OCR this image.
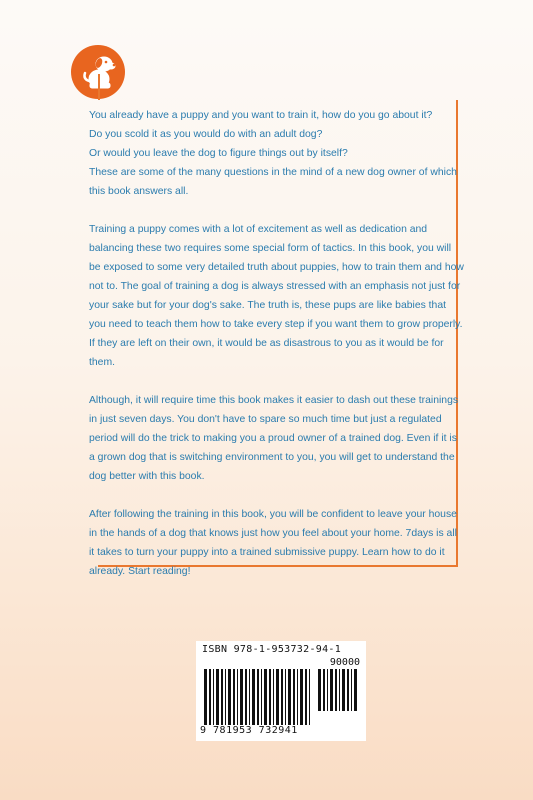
You already have a puppy and you want to train it, how do you go about it?

Do you scold it as you would do with an adult dog?

Or would you leave the dog to figure things out by itself?

These are some of the many questions in the mind of a new dog owner of which this book answers all.

Training a puppy comes with a lot of excitement as well as dedication and balancing these two requires some special form of tactics. In this book, you will be exposed to some very detailed truth about puppies, how to train them and how not to. The goal of training a dog is always stressed with an emphasis not just for your sake but for your dog's sake. The truth is, these pups are like babies that you need to teach them how to take every step if you want them to grow properly. If they are left on their own, it would be as disastrous to you as it would be for them.

Although, it will require time this book makes it easier to dash out these trainings in just seven days. You don't have to spare so much time but just a regulated period will do the trick to making you a proud owner of a trained dog. Even if it is a grown dog that is switching environment to you, you will get to understand the dog better with this book.

After following the training in this book, you will be confident to leave your house in the hands of a dog that knows just how you feel about your home. 7days is all it takes to turn your puppy into a trained submissive puppy. Learn how to do it already. Start reading!

ISBN 978-1-953732-94-1
90000
9 781953 732941
